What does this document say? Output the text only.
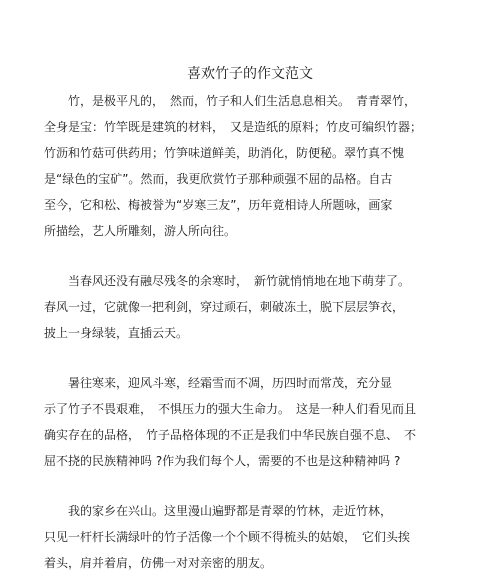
喜欢竹子的作文范文
　　竹，是极平凡的，　然而，竹子和人们生活息息相关。　青青翠竹，
全身是宝：竹竿既是建筑的材料，　又是造纸的原料；竹皮可编织竹器；
竹沥和竹菇可供药用；竹笋味道鲜美，助消化，防便秘。翠竹真不愧
是“绿色的宝矿”。然而，我更欣赏竹子那种顽强不屈的品格。自古
至今，它和松、梅被誉为“岁寒三友”，历年竟相诗人所题咏，画家
所描绘，艺人所雕刻，游人所向往。
　　当春风还没有融尽残冬的余寒时，　新竹就悄悄地在地下萌芽了。
春风一过，它就像一把利剑，穿过顽石，刺破冻土，脱下层层笋衣，
披上一身绿装，直插云天。
　　暑往寒来，迎风斗寒，经霜雪而不凋，历四时而常茂，充分显
示了竹子不畏艰难，　不惧压力的强大生命力。　这是一种人们看见而且
确实存在的品格，　竹子品格体现的不正是我们中华民族自强不息、　不
屈不挠的民族精神吗 ?作为我们每个人，需要的不也是这种精神吗 ?
　　我的家乡在兴山。这里漫山遍野都是青翠的竹林，走近竹林，
只见一杆杆长满绿叶的竹子活像一个个顾不得梳头的姑娘，　它们头挨
着头，肩并着肩，仿佛一对对亲密的朋友。
